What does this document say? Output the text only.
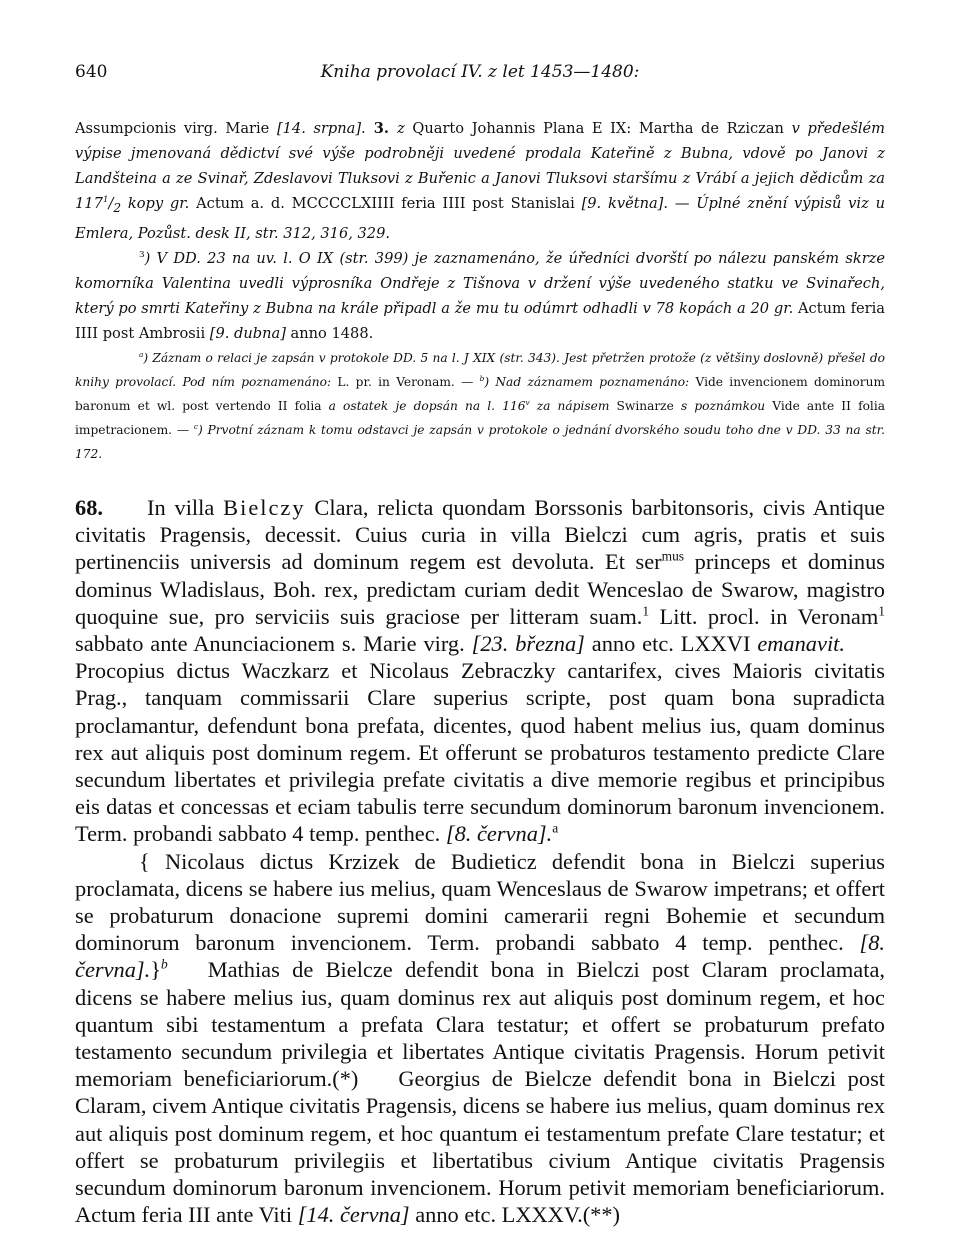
640	Kniha provolací IV. z let 1453—1480:

Assumpcionis virg. Marie [14. srpna]. 3. z Quarto Johannis Plana E IX: Martha de Rziczan v předešlém výpise jmenovaná dědictví své výše podrobněji uvedené prodala Kateřině z Bubna, vdově po Janovi z Landšteina a ze Svinař, Zdeslavovi Tluksovi z Buřenic a Janovi Tluksovi staršímu z Vrábí a jejich dědicům za $117^1/_2$ kopy gr. Actum a. d. MCCCCLXIIII feria IIII post Stanislai [9. května]. — Úplné znění výpisů viz u Emlera, Pozůst. desk II, str. 312, 316, 329.

$^3$) V DD. 23 na uv. l. O IX (str. 399) je zaznamenáno, že úředníci dvorští po nálezu panském skrze komorníka Valentina uvedli výprosníka Ondřeje z Tišnova v držení výše uvedeného statku ve Svinařech, který po smrti Kateřiny z Bubna na krále připadl a že mu tu odúmrt odhadli v 78 kopách a 20 gr. Actum feria IIII post Ambrosii [9. dubna] anno 1488.

$^a$) Záznam o relaci je zapsán v protokole DD. 5 na l. J XIX (str. 343). Jest přetržen protože (z většiny doslovně) přešel do knihy provolací. Pod ním poznamenáno: L. pr. in Veronam. — $^b$) Nad záznamem poznamenáno: Vide invencionem dominorum baronum et wl. post vertendo II folia a ostatek je dopsán na l. 116$^v$ za nápisem Swinarze s poznámkou Vide ante II folia impetracionem. — $^c$) Prvotní záznam k tomu odstavci je zapsán v protokole o jednání dvorského soudu toho dne v DD. 33 na str. 172.

68. In villa Bielczy Clara, relicta quondam Borssonis barbitonsoris, civis Antique civitatis Pragensis, decessit. Cuius curia in villa Bielczi cum agris, pratis et suis pertinenciis universis ad dominum regem est devoluta. Et ser$^{mus}$ princeps et dominus dominus Wladislaus, Boh. rex, predictam curiam dedit Wenceslao de Swarow, magistro quoquine sue, pro serviciis suis graciose per litteram suam.$^1$ Litt. procl. in Veronam$^1$ sabbato ante Anunciacionem s. Marie virg. [23. března] anno etc. LXXVI emanavit.Procopius dictus Waczkarz et Nicolaus Zebraczky cantarifex, cives Maioris civitatis Prag., tanquam commissarii Clare superius scripte, post quam bona supradicta proclamantur, defendunt bona prefata, dicentes, quod habent melius ius, quam dominus rex aut aliquis post dominum regem. Et offerunt se probaturos testamento predicte Clare secundum libertates et privilegia prefate civitatis a dive memorie regibus et principibus eis datas et concessas et eciam tabulis terre secundum dominorum baronum invencionem. Term. probandi sabbato 4 temp. penthec. [8. června].$^a$

{ Nicolaus dictus Krzizek de Budieticz defendit bona in Bielczi superius proclamata, dicens se habere ius melius, quam Wenceslaus de Swarow impetrans; et offert se probaturum donacione supremi domini camerarii regni Bohemie et secundum dominorum baronum invencionem. Term. probandi sabbato 4 temp. penthec. [8. června].}$^b$ Mathias de Bielcze defendit bona in Bielczi post Claram proclamata, dicens se habere melius ius, quam dominus rex aut aliquis post dominum regem, et hoc quantum sibi testamentum a prefata Clara testatur; et offert se probaturum prefato testamento secundum privilegia et libertates Antique civitatis Pragensis. Horum petivit memoriam beneficiariorum.(*) Georgius de Bielcze defendit bona in Bielczi post Claram, civem Antique civitatis Pragensis, dicens se habere ius melius, quam dominus rex aut aliquis post dominum regem, et hoc quantum ei testamentum prefate Clare testatur; et offert se probaturum privilegiis et libertatibus civium Antique civitatis Pragensis secundum dominorum baronum invencionem. Horum petivit memoriam beneficiariorum. Actum feria III ante Viti [14. června] anno etc. LXXXV.(**)
